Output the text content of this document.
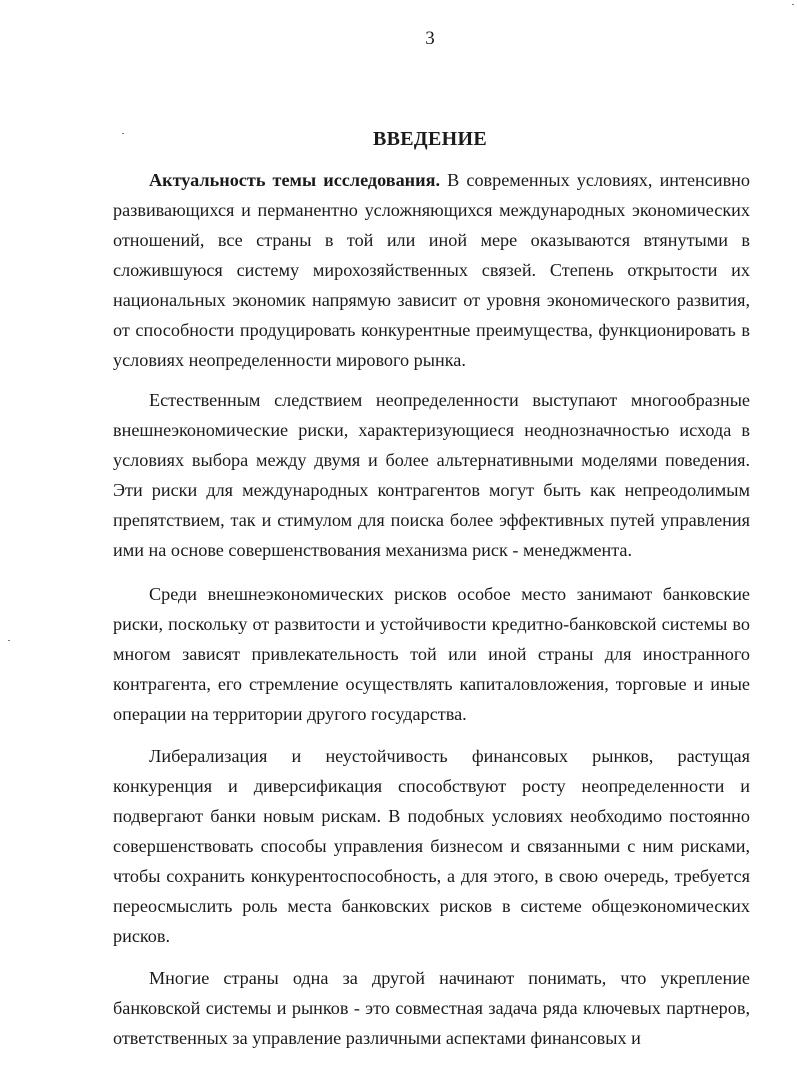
3
ВВЕДЕНИЕ

Актуальность темы исследования. В современных условиях, интенсивно развивающихся и перманентно усложняющихся международных экономических отношений, все страны в той или иной мере оказываются втянутыми в сложившуюся систему мирохозяйственных связей. Степень открытости их национальных экономик напрямую зависит от уровня экономического развития, от способности продуцировать конкурентные преимущества, функционировать в условиях неопределенности мирового рынка.

Естественным следствием неопределенности выступают многообразные внешнеэкономические риски, характеризующиеся неоднозначностью исхода в условиях выбора между двумя и более альтернативными моделями поведения. Эти риски для международных контрагентов могут быть как непреодолимым препятствием, так и стимулом для поиска более эффективных путей управления ими на основе совершенствования механизма риск - менеджмента.

Среди внешнеэкономических рисков особое место занимают банковские риски, поскольку от развитости и устойчивости кредитно-банковской системы во многом зависят привлекательность той или иной страны для иностранного контрагента, его стремление осуществлять капиталовложения, торговые и иные операции на территории другого государства.

Либерализация и неустойчивость финансовых рынков, растущая конкуренция и диверсификация способствуют росту неопределенности и подвергают банки новым рискам. В подобных условиях необходимо постоянно совершенствовать способы управления бизнесом и связанными с ним рисками, чтобы сохранить конкурентоспособность, а для этого, в свою очередь, требуется переосмыслить роль места банковских рисков в системе общеэкономических рисков.

Многие страны одна за другой начинают понимать, что укрепление банковской системы и рынков - это совместная задача ряда ключевых партнеров, ответственных за управление различными аспектами финансовых и
